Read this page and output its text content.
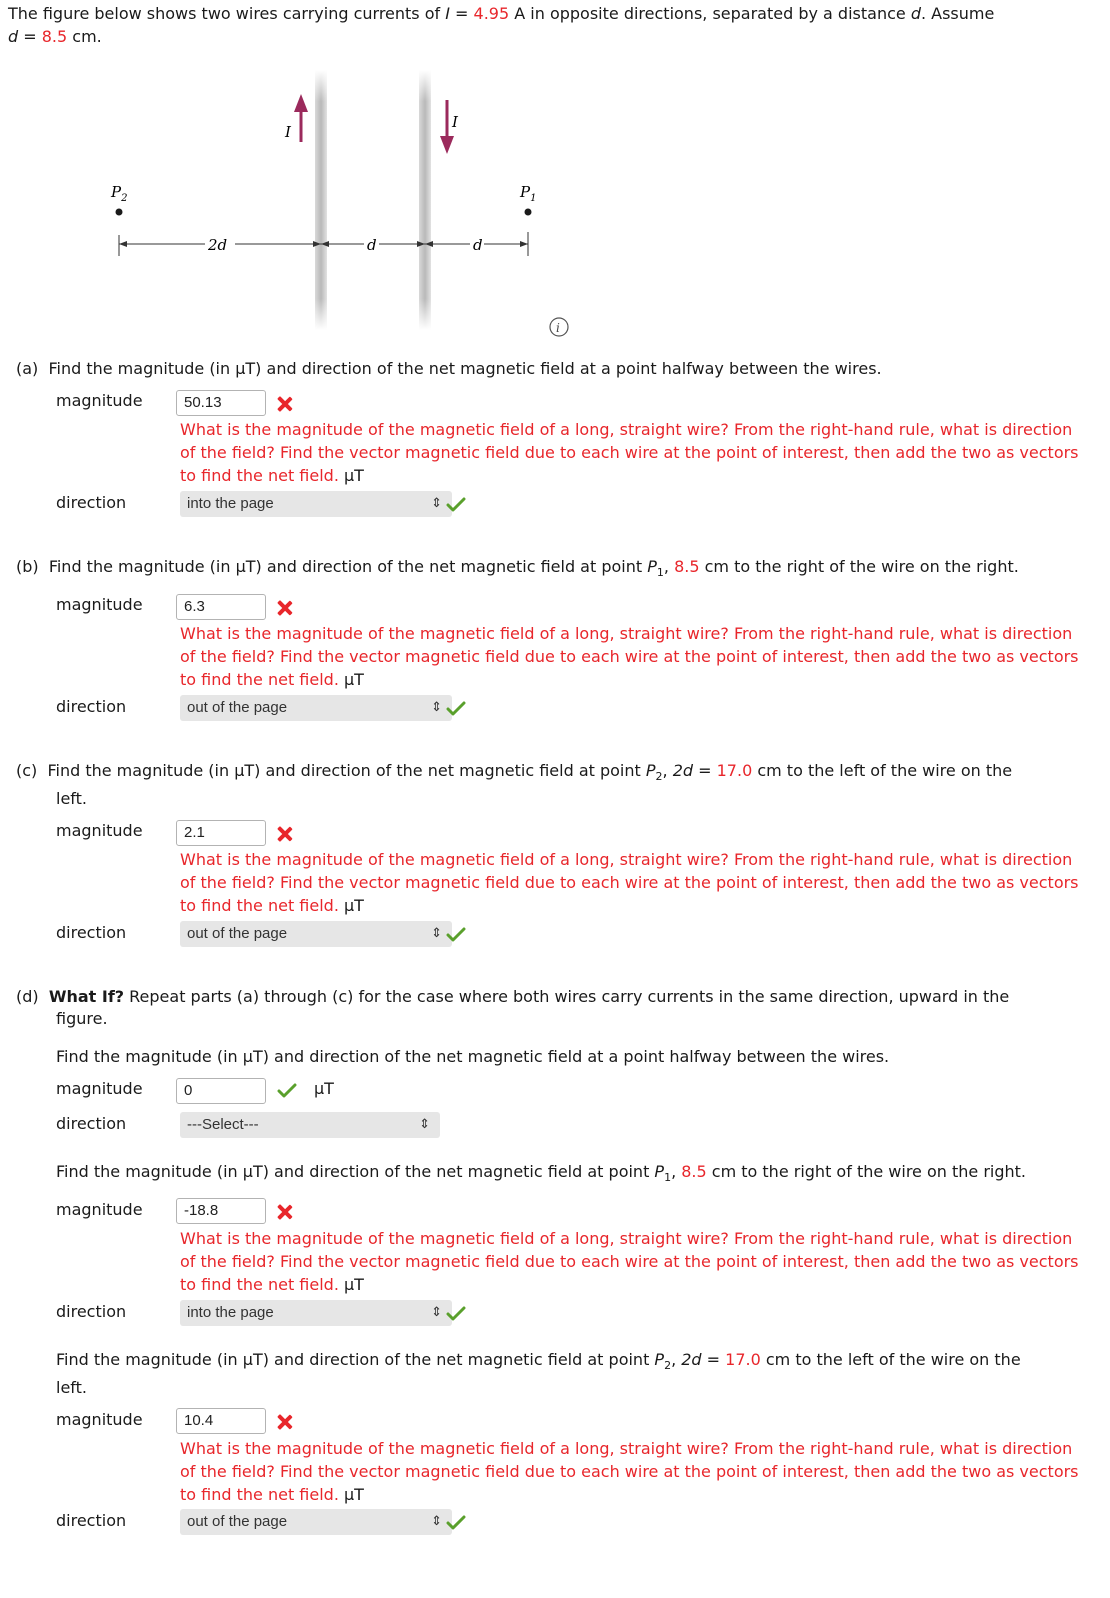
The figure below shows two wires carrying currents of I = 4.95 A in opposite directions, separated by a distance d. Assume
d = 8.5 cm.
I
I
$P_2$	$P_1$
2d	d	d
i
(a) Find the magnitude (in μT) and direction of the net magnetic field at a point halfway between the wires.
magnitude	50.13
What is the magnitude of the magnetic field of a long, straight wire? From the right-hand rule, what is direction of the field? Find the vector magnetic field due to each wire at the point of interest, then add the two as vectors to find the net field. μT
direction	into the page	⇕
(b) Find the magnitude (in μT) and direction of the net magnetic field at point $P_1$, 8.5 cm to the right of the wire on the right.
magnitude	6.3
What is the magnitude of the magnetic field of a long, straight wire? From the right-hand rule, what is direction of the field? Find the vector magnetic field due to each wire at the point of interest, then add the two as vectors to find the net field. μT
direction	out of the page	⇕
(c) Find the magnitude (in μT) and direction of the net magnetic field at point $P_2$, 2d = 17.0 cm to the left of the wire on the
left.
magnitude	2.1
What is the magnitude of the magnetic field of a long, straight wire? From the right-hand rule, what is direction of the field? Find the vector magnetic field due to each wire at the point of interest, then add the two as vectors to find the net field. μT
direction	out of the page	⇕
(d) What If? Repeat parts (a) through (c) for the case where both wires carry currents in the same direction, upward in the
figure.
Find the magnitude (in μT) and direction of the net magnetic field at a point halfway between the wires.
magnitude	0	μT
direction	---Select---	⇕
Find the magnitude (in μT) and direction of the net magnetic field at point $P_1$, 8.5 cm to the right of the wire on the right.
magnitude	-18.8
What is the magnitude of the magnetic field of a long, straight wire? From the right-hand rule, what is direction of the field? Find the vector magnetic field due to each wire at the point of interest, then add the two as vectors to find the net field. μT
direction	into the page	⇕
Find the magnitude (in μT) and direction of the net magnetic field at point $P_2$, 2d = 17.0 cm to the left of the wire on the
left.
magnitude	10.4
What is the magnitude of the magnetic field of a long, straight wire? From the right-hand rule, what is direction of the field? Find the vector magnetic field due to each wire at the point of interest, then add the two as vectors to find the net field. μT
direction	out of the page	⇕
